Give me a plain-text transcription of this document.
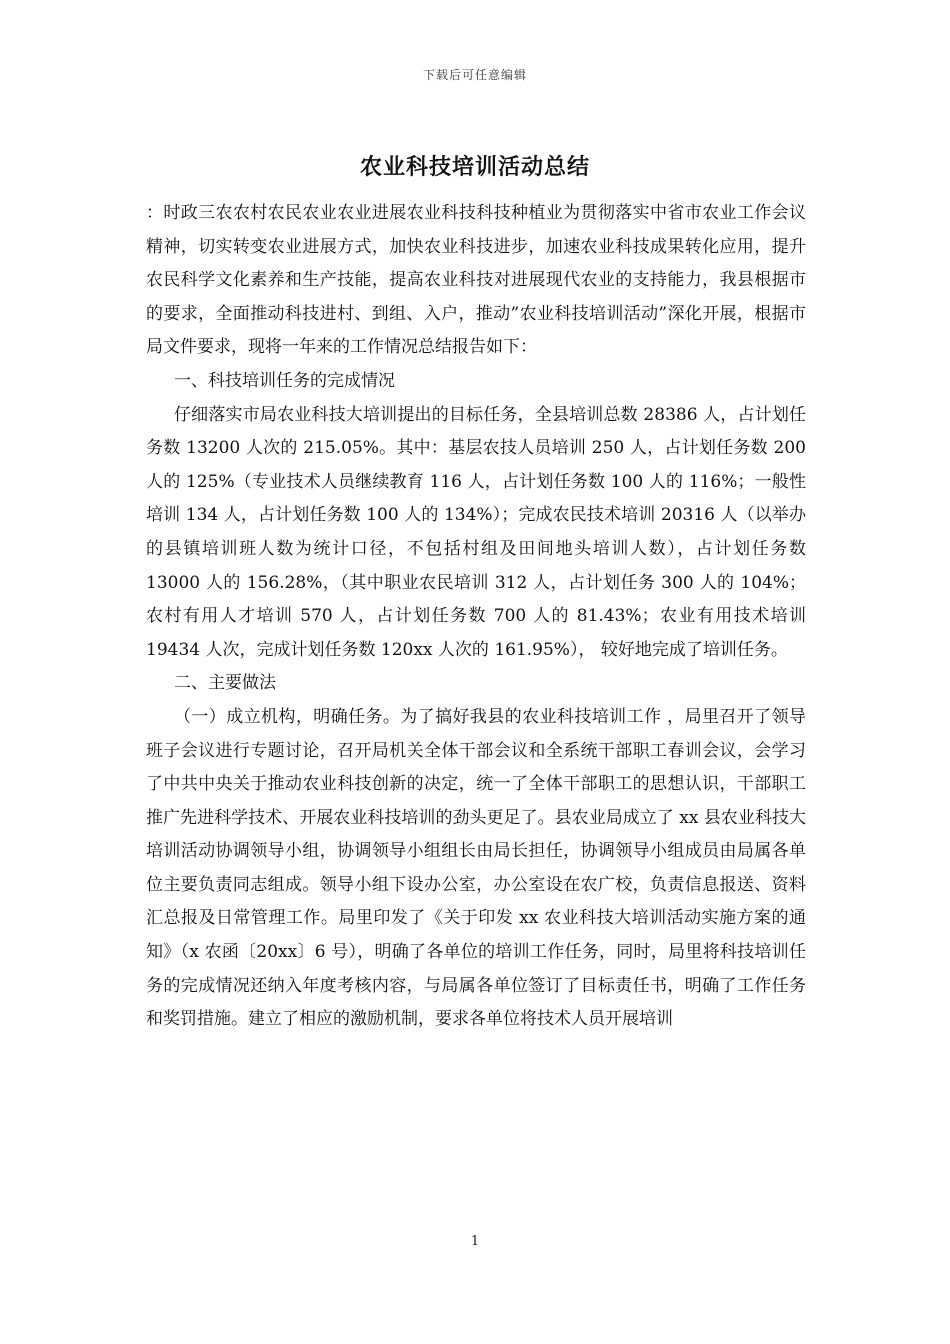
下载后可任意编辑
农业科技培训活动总结

：时政三农农村农民农业农业进展农业科技科技种植业为贯彻落实中省市农业工作会议精神，切实转变农业进展方式，加快农业科技进步，加速农业科技成果转化应用，提升农民科学文化素养和生产技能，提高农业科技对进展现代农业的支持能力，我县根据市的要求，全面推动科技进村、到组、入户，推动”农业科技培训活动”深化开展，根据市局文件要求，现将一年来的工作情况总结报告如下：

一、科技培训任务的完成情况

仔细落实市局农业科技大培训提出的目标任务，全县培训总数 28386 人，占计划任务数 13200 人次的 215.05%。其中：基层农技人员培训 250 人，占计划任务数 200 人的 125%（专业技术人员继续教育 116 人，占计划任务数 100 人的 116%；一般性培训 134 人，占计划任务数 100 人的 134%）；完成农民技术培训 20316 人（以举办的县镇培训班人数为统计口径，不包括村组及田间地头培训人数），占计划任务数 13000 人的 156.28%，（其中职业农民培训 312 人，占计划任务 300 人的 104%；农村有用人才培训 570 人，占计划任务数 700 人的 81.43%；农业有用技术培训 19434 人次，完成计划任务数 120xx 人次的 161.95%）， 较好地完成了培训任务。

二、主要做法

（一）成立机构，明确任务。为了搞好我县的农业科技培训工作 ，局里召开了领导班子会议进行专题讨论，召开局机关全体干部会议和全系统干部职工春训会议，会学习了中共中央关于推动农业科技创新的决定，统一了全体干部职工的思想认识，干部职工推广先进科学技术、开展农业科技培训的劲头更足了。县农业局成立了 xx 县农业科技大培训活动协调领导小组，协调领导小组组长由局长担任，协调领导小组成员由局属各单位主要负责同志组成。领导小组下设办公室，办公室设在农广校，负责信息报送、资料汇总报及日常管理工作。局里印发了《关于印发 xx 农业科技大培训活动实施方案的通知》（x 农函〔20xx〕6 号），明确了各单位的培训工作任务，同时，局里将科技培训任务的完成情况还纳入年度考核内容，与局属各单位签订了目标责任书，明确了工作任务和奖罚措施。建立了相应的激励机制，要求各单位将技术人员开展培训

1
